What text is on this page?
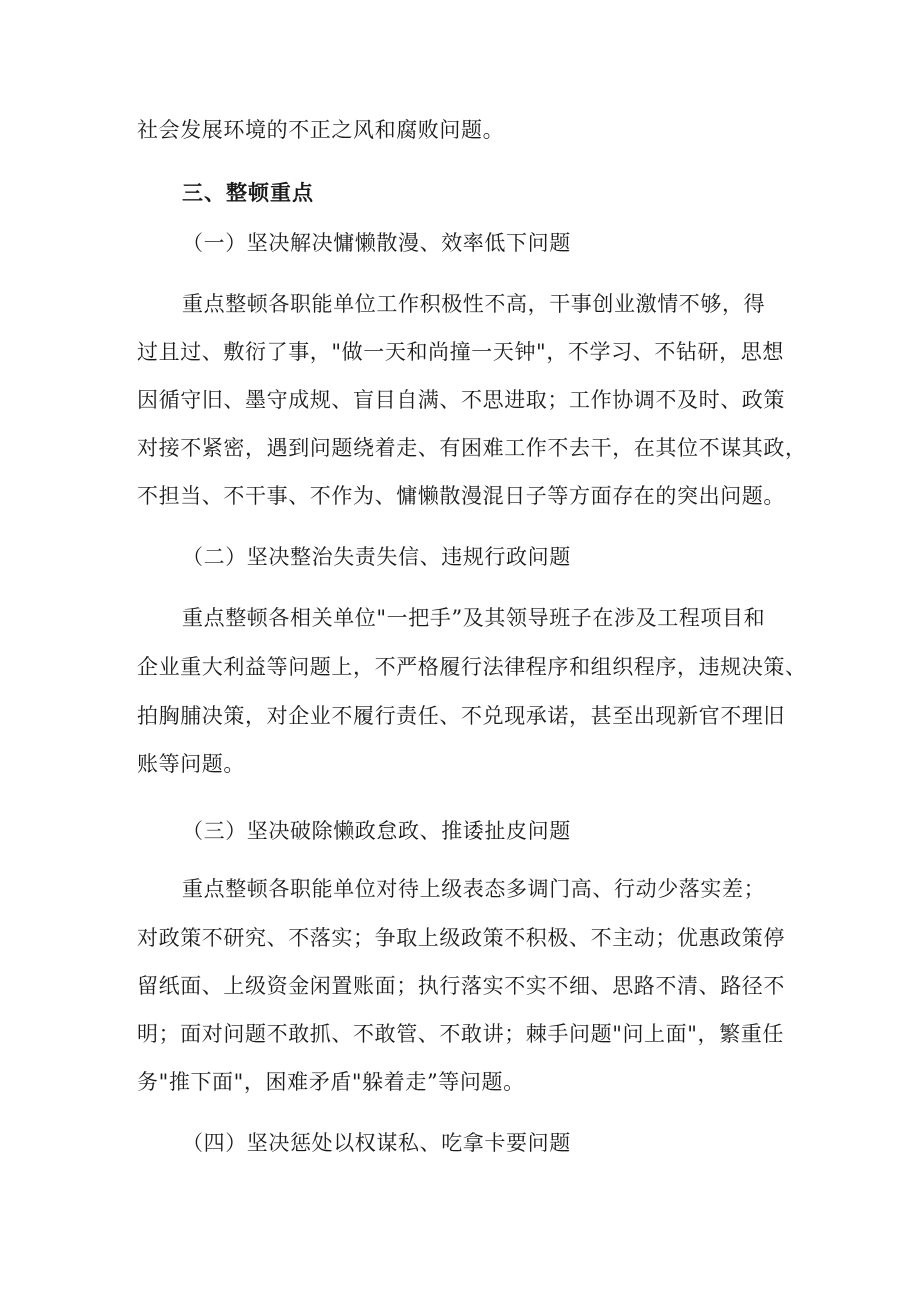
社会发展环境的不正之风和腐败问题。
三、整顿重点
（一）坚决解决慵懒散漫、效率低下问题
重点整顿各职能单位工作积极性不高，干事创业激情不够，得
过且过、敷衍了事，"做一天和尚撞一天钟"，不学习、不钻研，思想
因循守旧、墨守成规、盲目自满、不思进取；工作协调不及时、政策
对接不紧密，遇到问题绕着走、有困难工作不去干，在其位不谋其政，
不担当、不干事、不作为、慵懒散漫混日子等方面存在的突出问题。
（二）坚决整治失责失信、违规行政问题
重点整顿各相关单位"一把手”及其领导班子在涉及工程项目和
企业重大利益等问题上，不严格履行法律程序和组织程序，违规决策、
拍胸脯决策，对企业不履行责任、不兑现承诺，甚至出现新官不理旧
账等问题。
（三）坚决破除懒政怠政、推诿扯皮问题
重点整顿各职能单位对待上级表态多调门高、行动少落实差；
对政策不研究、不落实；争取上级政策不积极、不主动；优惠政策停
留纸面、上级资金闲置账面；执行落实不实不细、思路不清、路径不
明；面对问题不敢抓、不敢管、不敢讲；棘手问题"问上面"，繁重任
务"推下面"，困难矛盾"躲着走”等问题。
（四）坚决惩处以权谋私、吃拿卡要问题
